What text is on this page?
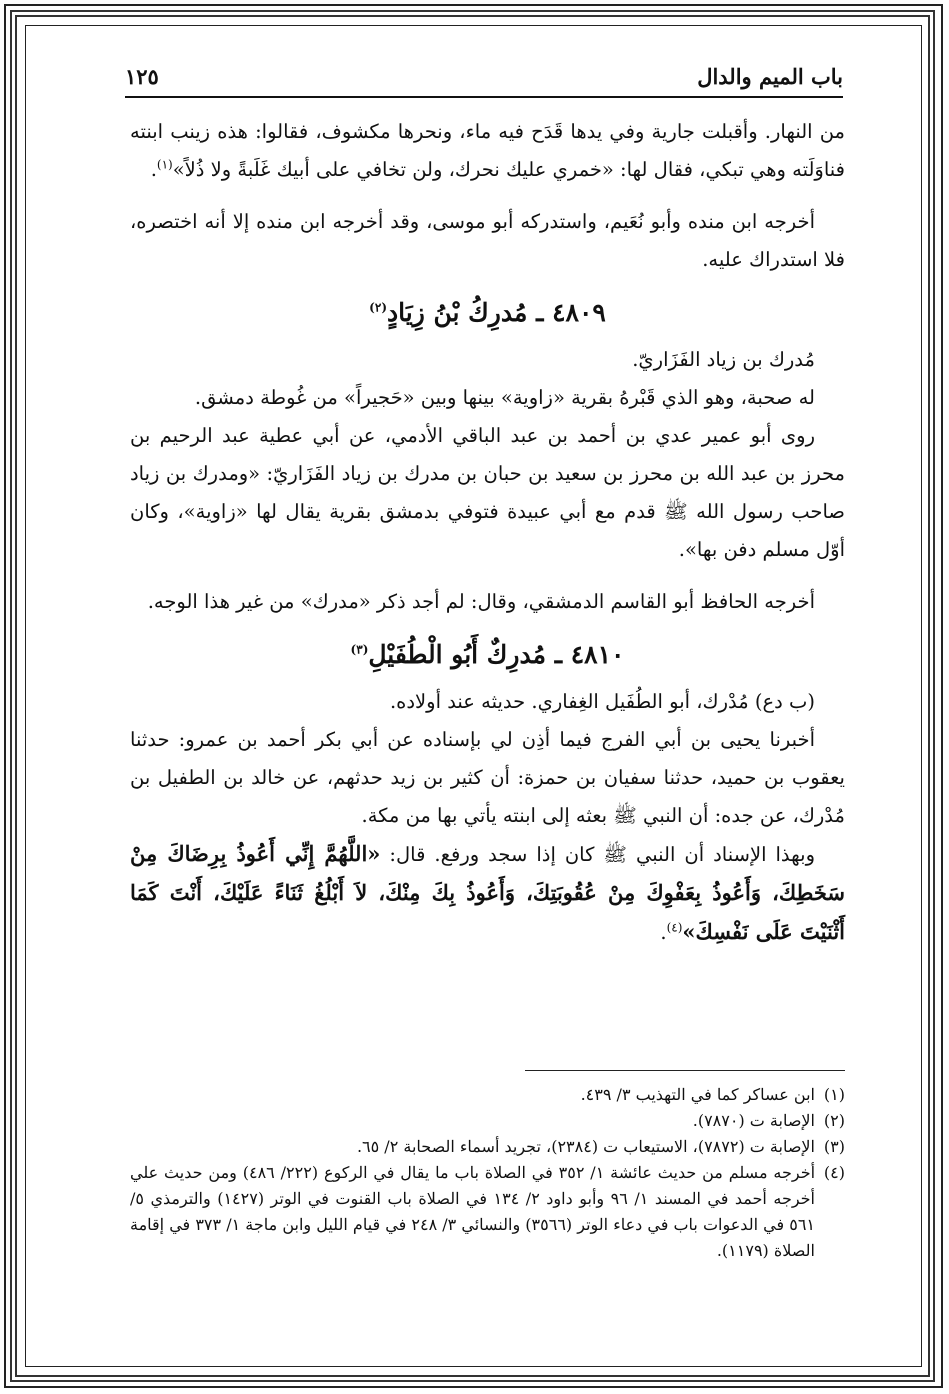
باب الميم والدال
١٢٥

من النهار. وأقبلت جارية وفي يدها قَدَح فيه ماء، ونحرها مكشوف، فقالوا: هذه زينب ابنته فناوَلَته وهي تبكي، فقال لها: «خمري عليك نحرك، ولن تخافي على أبيك غَلَبةً ولا ذُلاً»$^{(١)}$.

أخرجه ابن منده وأبو نُعَيم، واستدركه أبو موسى، وقد أخرجه ابن منده إلا أنه اختصره، فلا استدراك عليه.

٤٨٠٩ ـ مُدرِكُ بْنُ زِيَادٍ$^{(٢)}$

مُدرك بن زياد الفَزَاريّ.

له صحبة، وهو الذي قَبْرهُ بقرية «زاوية» بينها وبين «حَجيراً» من غُوطة دمشق.

روى أبو عمير عدي بن أحمد بن عبد الباقي الأدمي، عن أبي عطية عبد الرحيم بن محرز بن عبد الله بن محرز بن سعيد بن حبان بن مدرك بن زياد الفَزَاريّ: «ومدرك بن زياد صاحب رسول الله ﷺ قدم مع أبي عبيدة فتوفي بدمشق بقرية يقال لها «زاوية»، وكان أوّل مسلم دفن بها».

أخرجه الحافظ أبو القاسم الدمشقي، وقال: لم أجد ذكر «مدرك» من غير هذا الوجه.

٤٨١٠ ـ مُدرِكٌ أَبُو الْطُفَيْلِ$^{(٣)}$

(ب دع) مُدْرك، أبو الطُفَيل الغِفاري. حديثه عند أولاده.

أخبرنا يحيى بن أبي الفرج فيما أذِن لي بإسناده عن أبي بكر أحمد بن عمرو: حدثنا يعقوب بن حميد، حدثنا سفيان بن حمزة: أن كثير بن زيد حدثهم، عن خالد بن الطفيل بن مُدْرك، عن جده: أن النبي ﷺ بعثه إلى ابنته يأتي بها من مكة.

وبهذا الإسناد أن النبي ﷺ كان إذا سجد ورفع. قال: «اللَّهُمَّ إِنِّي أَعُوذُ بِرِضَاكَ مِنْ سَخَطِكَ، وَأَعُوذُ بِعَفْوِكَ مِنْ عُقُوبَتِكَ، وَأَعُوذُ بِكَ مِنْكَ، لاَ أَبْلُغُ ثَنَاءً عَلَيْكَ، أَنْتَ كَمَا أَثْنَيْتَ عَلَى نَفْسِكَ»$^{(٤)}$.

(١)
ابن عساكر كما في التهذيب ٣/ ٤٣٩.
(٢)
الإصابة ت (٧٨٧٠).
(٣)
الإصابة ت (٧٨٧٢)، الاستيعاب ت (٢٣٨٤)، تجريد أسماء الصحابة ٢/ ٦٥.
(٤)
أخرجه مسلم من حديث عائشة ١/ ٣٥٢ في الصلاة باب ما يقال في الركوع (٢٢٢/ ٤٨٦) ومن حديث علي أخرجه أحمد في المسند ١/ ٩٦ وأبو داود ٢/ ١٣٤ في الصلاة باب القنوت في الوتر (١٤٢٧) والترمذي ٥/ ٥٦١ في الدعوات باب في دعاء الوتر (٣٥٦٦) والنسائي ٣/ ٢٤٨ في قيام الليل وابن ماجة ١/ ٣٧٣ في إقامة الصلاة (١١٧٩).
